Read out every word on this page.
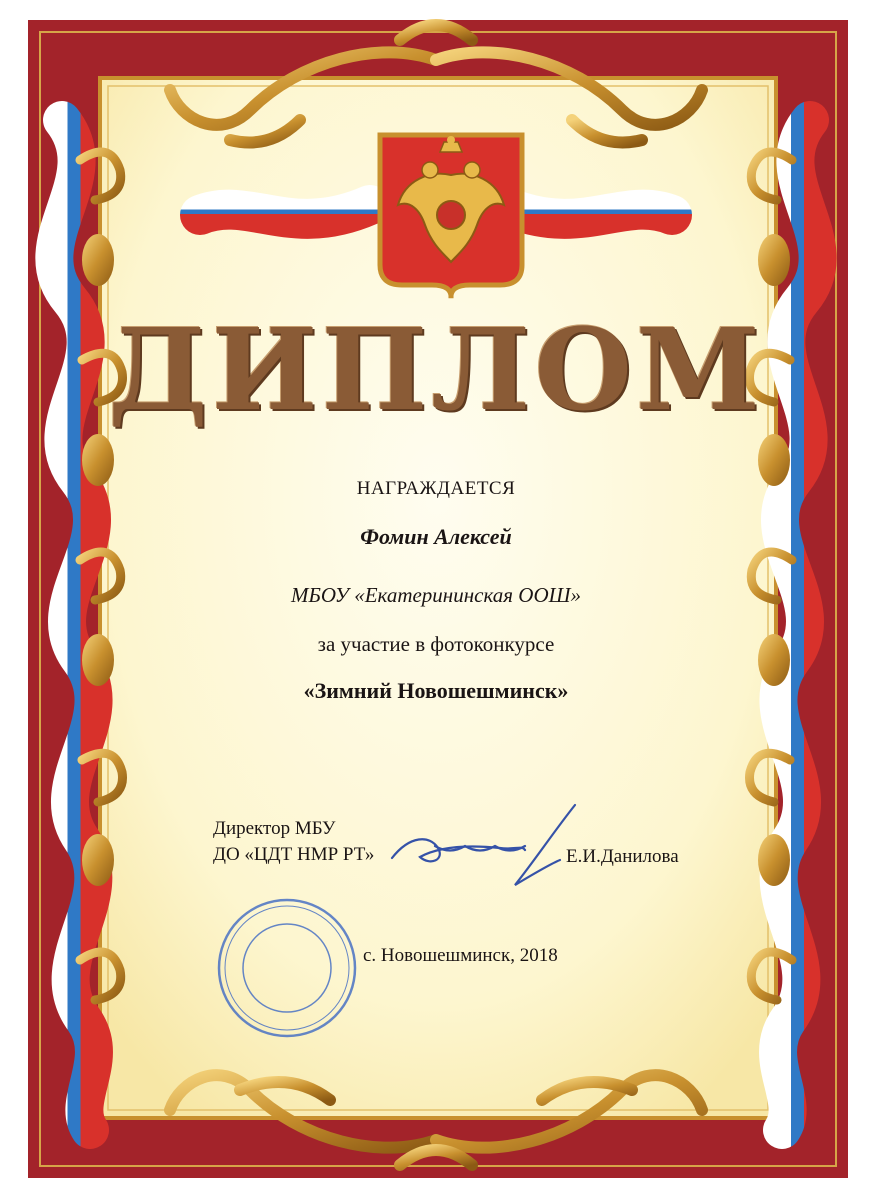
ДИПЛОМ
НАГРАЖДАЕТСЯ
Фомин Алексей
МБОУ «Екатерининская ООШ»
за участие в фотоконкурсе
«Зимний Новошешминск»
Директор МБУ
ДО «ЦДТ НМР РТ»	Е.И.Данилова
с. Новошешминск, 2018
